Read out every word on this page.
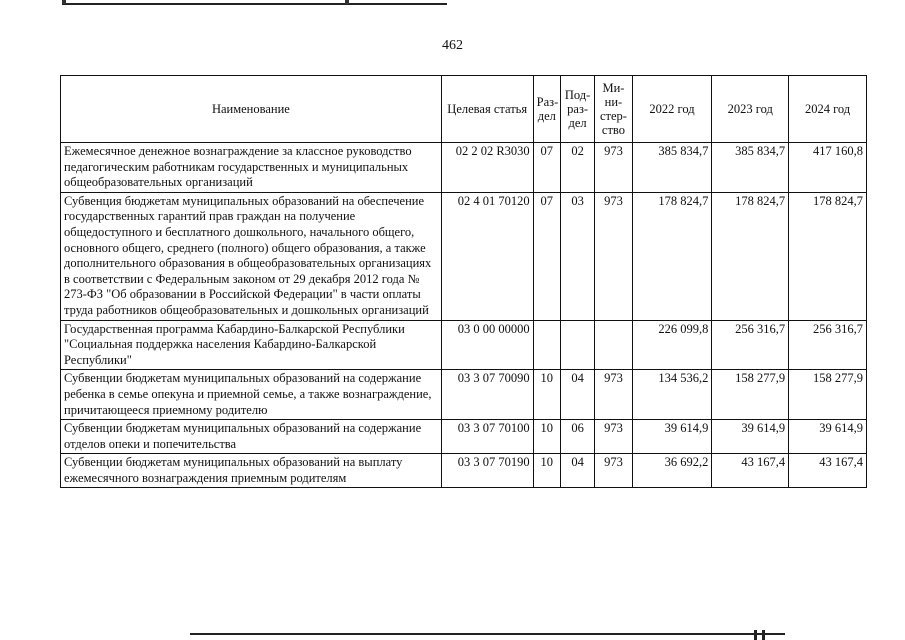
462
Наименование	Целевая статья	Раз-дел	Под-раз-дел	Ми-ни-стер-ство	2022 год	2023 год	2024 год
Ежемесячное денежное вознаграждение за классное руководство педагогическим работникам государственных и муниципальных общеобразовательных организаций	02 2 02 R3030	07	02	973	385 834,7	385 834,7	417 160,8
Субвенция бюджетам муниципальных образований на обеспечение государственных гарантий прав граждан на получение общедоступного и бесплатного дошкольного, начального общего, основного общего, среднего (полного) общего образования, а также дополнительного образования в общеобразовательных организациях в соответствии с Федеральным законом от 29 декабря 2012 года № 273-ФЗ "Об образовании в Российской Федерации" в части оплаты труда работников общеобразовательных и дошкольных организаций	02 4 01 70120	07	03	973	178 824,7	178 824,7	178 824,7
Государственная программа Кабардино-Балкарской Республики "Социальная поддержка населения Кабардино-Балкарской Республики"	03 0 00 00000				226 099,8	256 316,7	256 316,7
Субвенции бюджетам муниципальных образований на содержание ребенка в семье опекуна и приемной семье, а также вознаграждение, причитающееся приемному родителю	03 3 07 70090	10	04	973	134 536,2	158 277,9	158 277,9
Субвенции бюджетам муниципальных образований на содержание отделов опеки и попечительства	03 3 07 70100	10	06	973	39 614,9	39 614,9	39 614,9
Субвенции бюджетам муниципальных образований на выплату ежемесячного вознаграждения приемным родителям	03 3 07 70190	10	04	973	36 692,2	43 167,4	43 167,4
